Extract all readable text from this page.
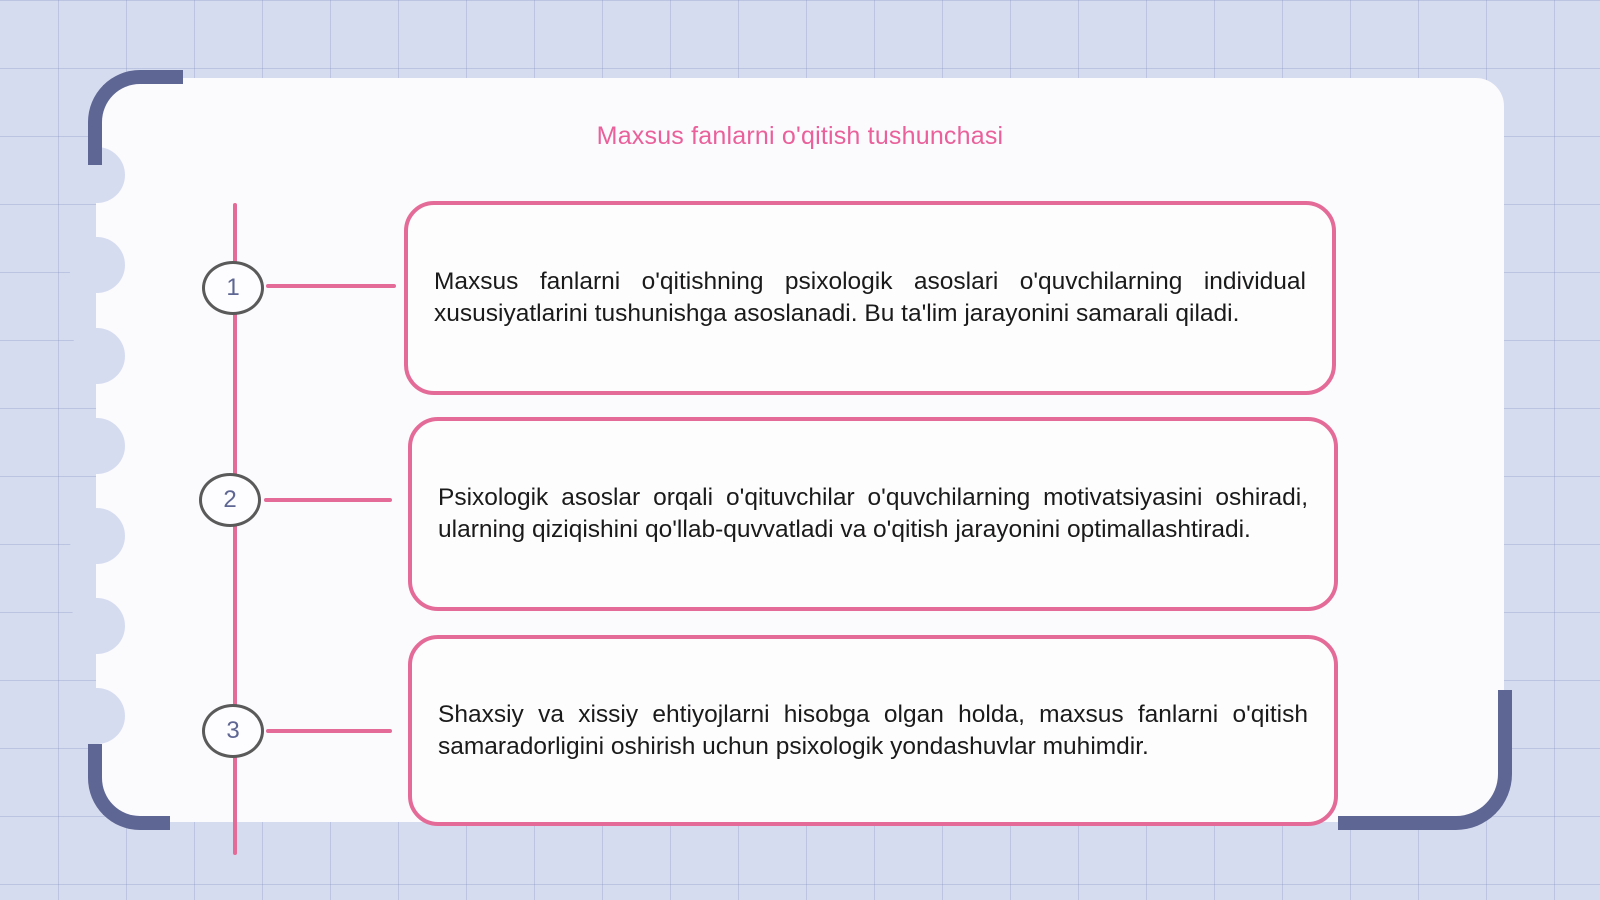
Maxsus fanlarni o'qitish tushunchasi
1
2
3

Maxsus fanlarni o'qitishning psixologik asoslari o'quvchilarning individual xususiyatlarini tushunishga asoslanadi. Bu ta'lim jarayonini samarali qiladi.

Psixologik asoslar orqali o'qituvchilar o'quvchilarning motivatsiyasini oshiradi, ularning qiziqishini qo'llab-quvvatladi va o'qitish jarayonini optimallashtiradi.

Shaxsiy va xissiy ehtiyojlarni hisobga olgan holda, maxsus fanlarni o'qitish samaradorligini oshirish uchun psixologik yondashuvlar muhimdir.
